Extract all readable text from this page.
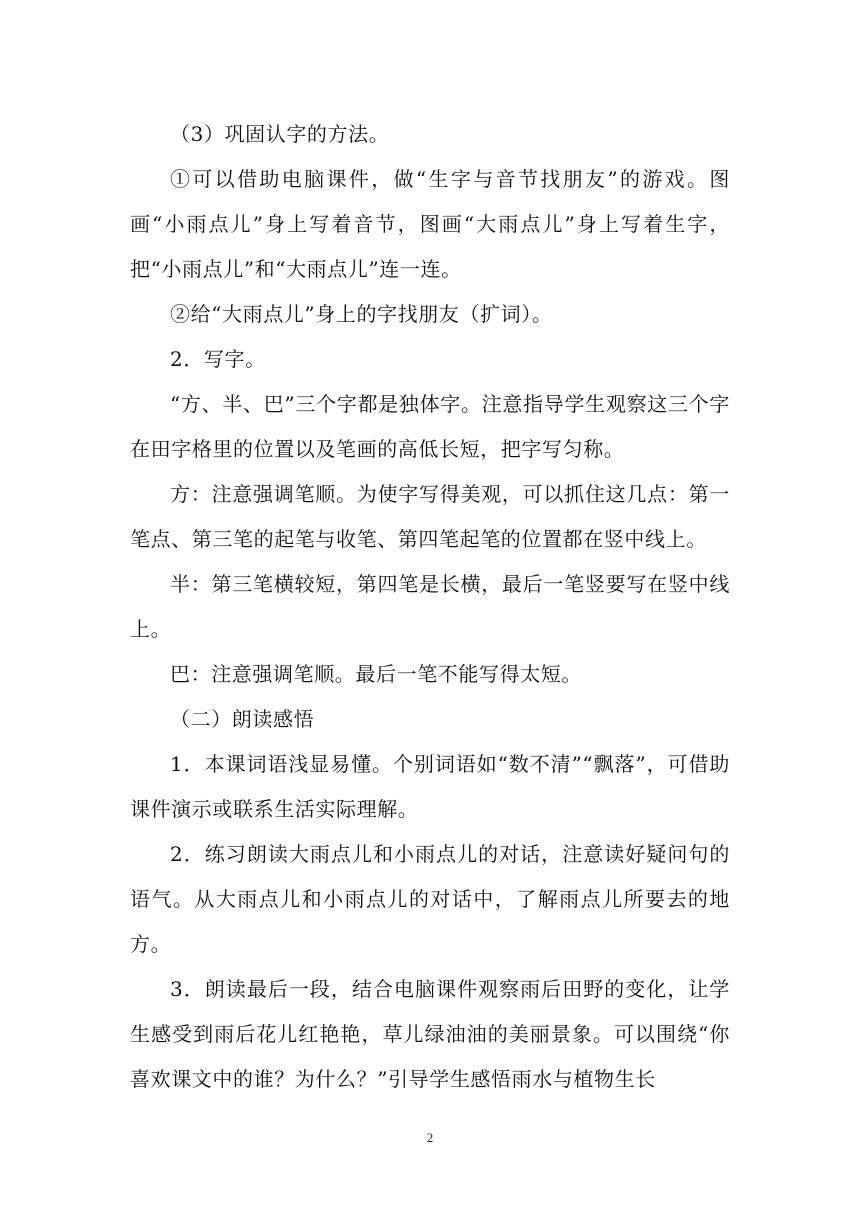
（3）巩固认字的方法。

①可以借助电脑课件，做“生字与音节找朋友”的游戏。图画“小雨点儿”身上写着音节，图画“大雨点儿”身上写着生字，把“小雨点儿”和“大雨点儿”连一连。

②给“大雨点儿”身上的字找朋友（扩词）。

2．写字。

“方、半、巴”三个字都是独体字。注意指导学生观察这三个字在田字格里的位置以及笔画的高低长短，把字写匀称。

方：注意强调笔顺。为使字写得美观，可以抓住这几点：第一笔点、第三笔的起笔与收笔、第四笔起笔的位置都在竖中线上。

半：第三笔横较短，第四笔是长横，最后一笔竖要写在竖中线上。

巴：注意强调笔顺。最后一笔不能写得太短。

（二）朗读感悟

1．本课词语浅显易懂。个别词语如“数不清”“飘落”，可借助课件演示或联系生活实际理解。

2．练习朗读大雨点儿和小雨点儿的对话，注意读好疑问句的语气。从大雨点儿和小雨点儿的对话中，了解雨点儿所要去的地方。

3．朗读最后一段，结合电脑课件观察雨后田野的变化，让学生感受到雨后花儿红艳艳，草儿绿油油的美丽景象。可以围绕“你喜欢课文中的谁？为什么？”引导学生感悟雨水与植物生长

2
